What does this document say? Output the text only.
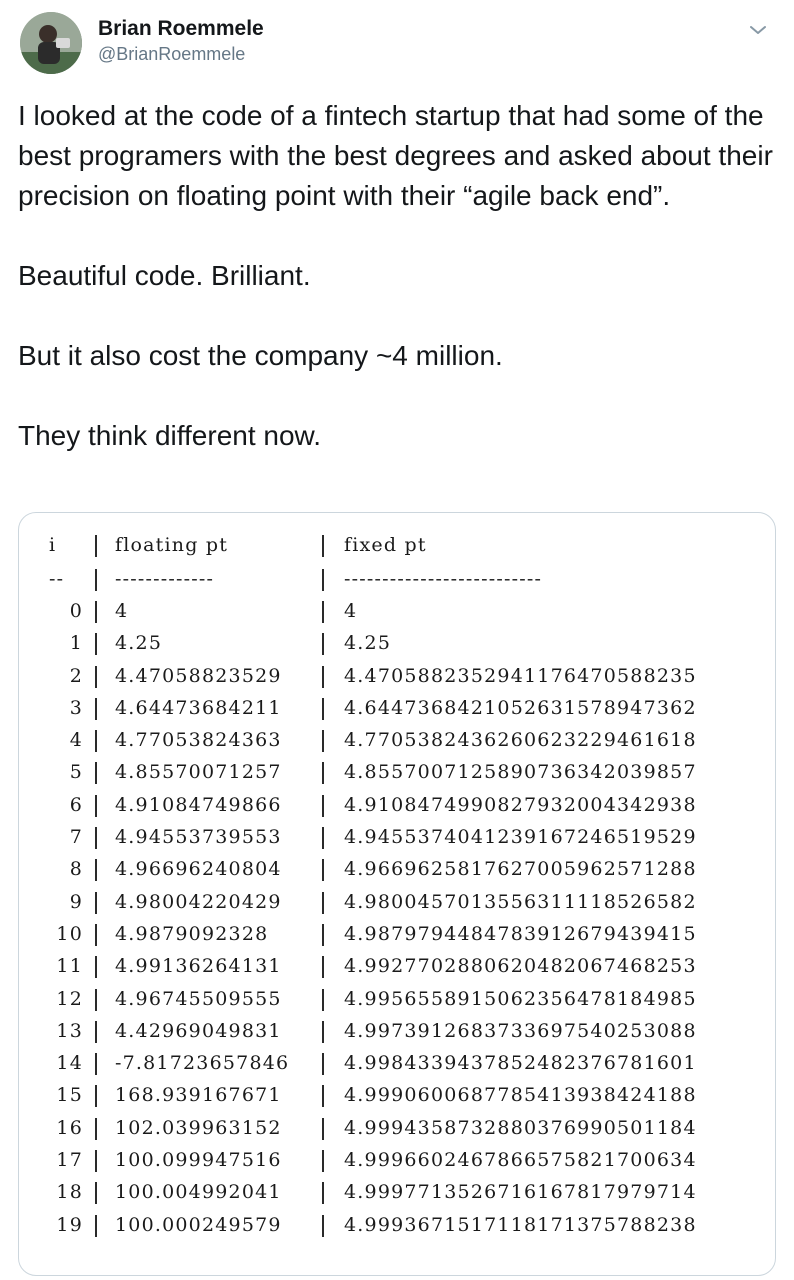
Brian Roemmele
@BrianRoemmele

I looked at the code of a fintech startup that had some of the best programers with the best degrees and asked about their precision on floating point with their “agile back end”.

Beautiful code. Brilliant.

But it also cost the company ~4 million.

They think different now.

i	floating pt	fixed pt
--	-------------	--------------------------
0 4	4
1 4.25	4.25
2 4.47058823529	4.4705882352941176470588235
3 4.64473684211	4.6447368421052631578947362
4 4.77053824363	4.7705382436260623229461618
5 4.85570071257	4.8557007125890736342039857
6 4.91084749866	4.9108474990827932004342938
7 4.94553739553	4.9455374041239167246519529
8 4.96696240804	4.9669625817627005962571288
9 4.98004220429	4.9800457013556311118526582
10 4.9879092328	4.9879794484783912679439415
11 4.99136264131	4.9927702880620482067468253
12 4.96745509555	4.9956558915062356478184985
13 4.42969049831	4.9973912683733697540253088
14 -7.81723657846	4.9984339437852482376781601
15 168.939167671	4.9990600687785413938424188
16 102.039963152	4.9994358732880376990501184
17 100.099947516	4.9996602467866575821700634
18 100.004992041	4.9997713526716167817979714
19 100.000249579	4.9993671517118171375788238
